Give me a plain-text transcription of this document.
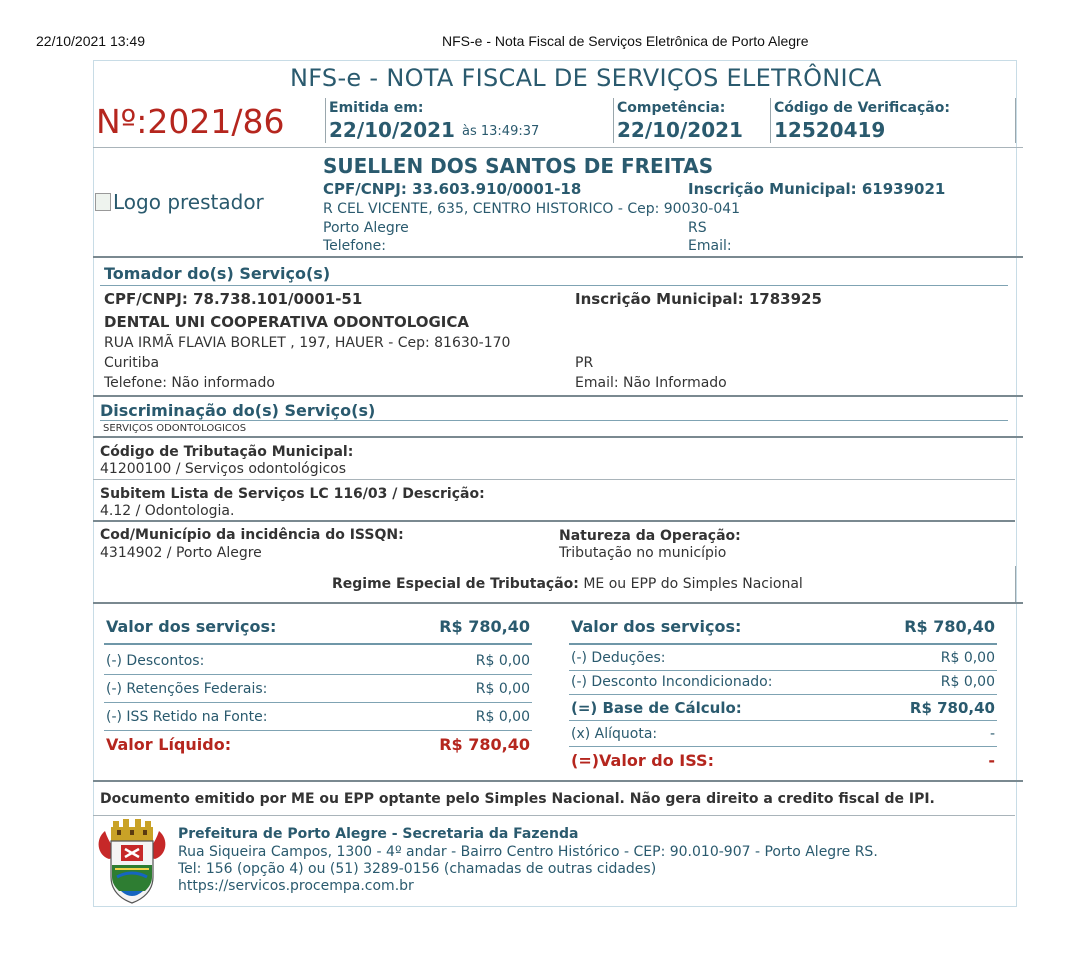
22/10/2021 13:49	NFS-e - Nota Fiscal de Serviços Eletrônica de Porto Alegre
NFS-e - NOTA FISCAL DE SERVIÇOS ELETRÔNICA
Nº:2021/86	Emitida em:
22/10/2021 às 13:49:37
Competência:
22/10/2021
Código de Verificação:
12520419
Logo prestador
SUELLEN DOS SANTOS DE FREITAS
CPF/CNPJ: 33.603.910/0001-18	Inscrição Municipal: 61939021
R CEL VICENTE, 635, CENTRO HISTORICO - Cep: 90030-041
Porto Alegre	RS
Telefone:	Email:
Tomador do(s) Serviço(s)
CPF/CNPJ: 78.738.101/0001-51	Inscrição Municipal: 1783925
DENTAL UNI COOPERATIVA ODONTOLOGICA
RUA IRMÃ FLAVIA BORLET , 197, HAUER - Cep: 81630-170
Curitiba	PR
Telefone: Não informado	Email: Não Informado
Discriminação do(s) Serviço(s)
SERVIÇOS ODONTOLOGICOS
Código de Tributação Municipal:
41200100 / Serviços odontológicos
Subitem Lista de Serviços LC 116/03 / Descrição:
4.12 / Odontologia.
Cod/Município da incidência do ISSQN:
4314902 / Porto Alegre
Natureza da Operação:
Tributação no município
Regime Especial de Tributação: ME ou EPP do Simples Nacional
Valor dos serviços:	R$ 780,40
(-) Descontos:	R$ 0,00
(-) Retenções Federais:	R$ 0,00
(-) ISS Retido na Fonte:	R$ 0,00
Valor Líquido:	R$ 780,40
Valor dos serviços:	R$ 780,40
(-) Deduções:	R$ 0,00
(-) Desconto Incondicionado:	R$ 0,00
(=) Base de Cálculo:	R$ 780,40
(x) Alíquota:	-
(=)Valor do ISS:	-
Documento emitido por ME ou EPP optante pelo Simples Nacional. Não gera direito a credito fiscal de IPI.
Prefeitura de Porto Alegre - Secretaria da Fazenda
Rua Siqueira Campos, 1300 - 4º andar - Bairro Centro Histórico - CEP: 90.010-907 - Porto Alegre RS.
Tel: 156 (opção 4) ou (51) 3289-0156 (chamadas de outras cidades)
https://servicos.procempa.com.br
